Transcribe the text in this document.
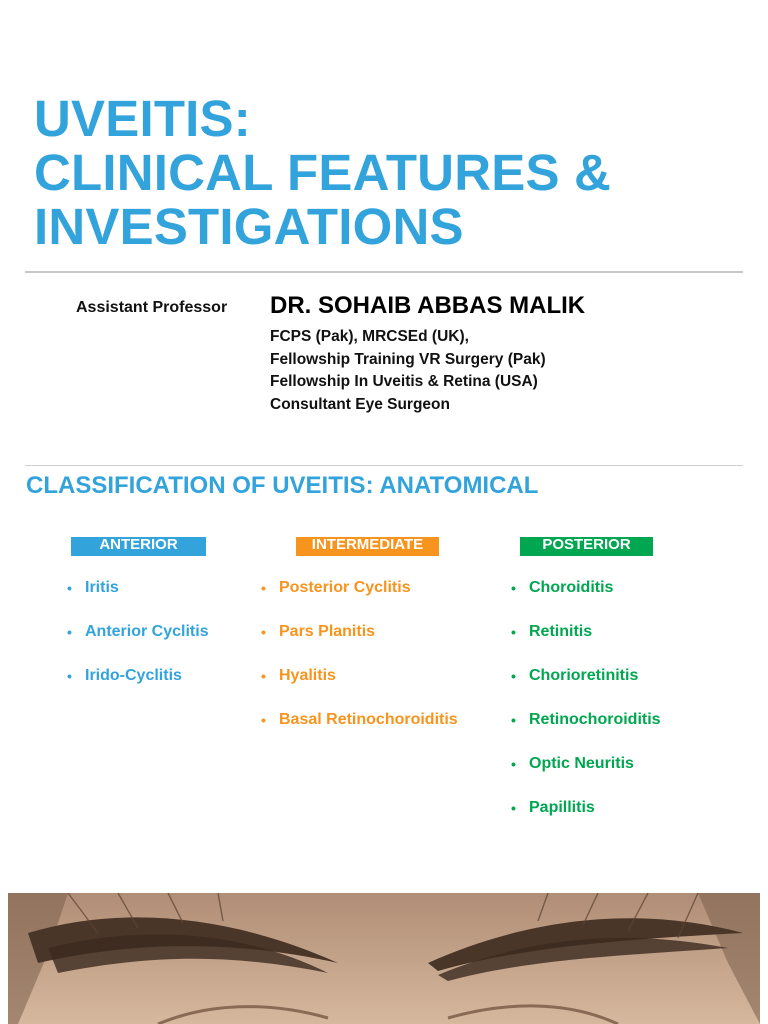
UVEITIS:
CLINICAL FEATURES &
INVESTIGATIONS
Assistant Professor DR. SOHAIB ABBAS MALIK
FCPS (Pak), MRCSEd (UK),
Fellowship Training VR Surgery (Pak)
Fellowship In Uveitis & Retina (USA)
Consultant Eye Surgeon
CLASSIFICATION OF UVEITIS: ANATOMICAL
ANTERIOR	INTERMEDIATE	POSTERIOR
• Iritis
• Anterior Cyclitis
• Irido-Cyclitis
• Posterior Cyclitis
• Pars Planitis
• Hyalitis
• Basal Retinochoroiditis
• Choroiditis
• Retinitis
• Chorioretinitis
• Retinochoroiditis
• Optic Neuritis
• Papillitis
